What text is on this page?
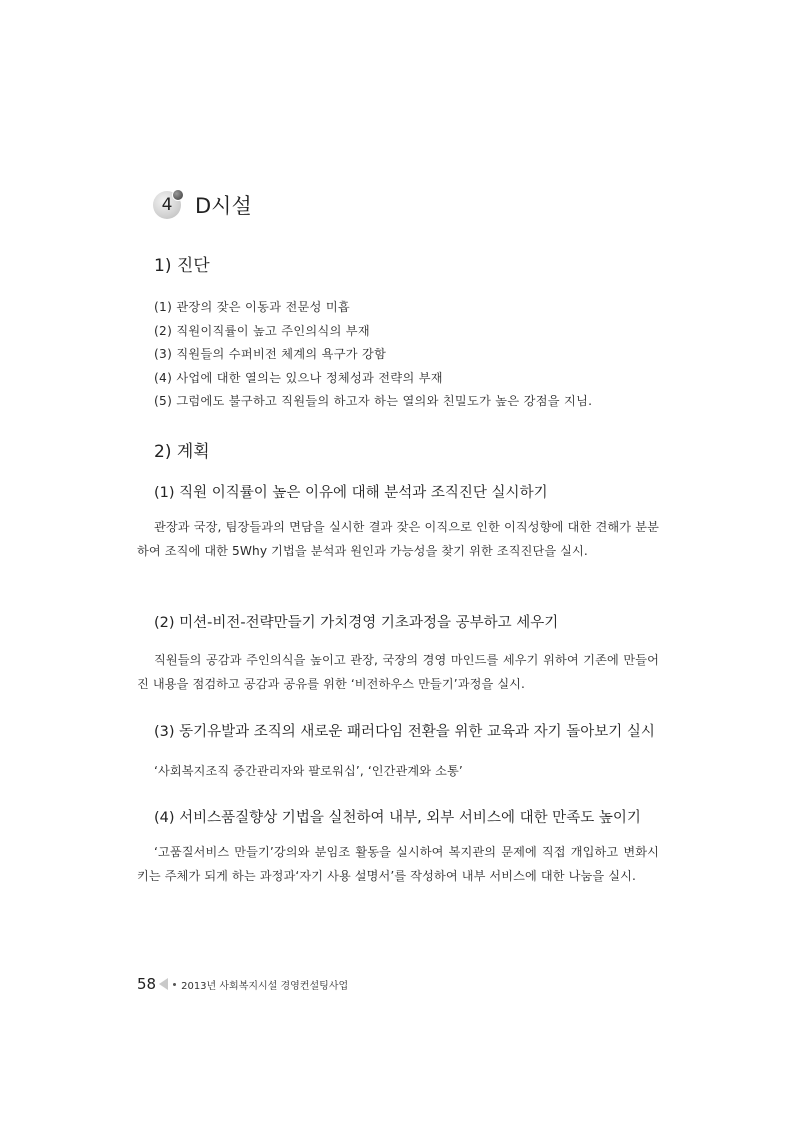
4 D시설
1) 진단
(1) 관장의 잦은 이동과 전문성 미흡
(2) 직원이직률이 높고 주인의식의 부재
(3) 직원들의 수퍼비전 체계의 욕구가 강함
(4) 사업에 대한 열의는 있으나 정체성과 전략의 부재
(5) 그럼에도 불구하고 직원들의 하고자 하는 열의와 친밀도가 높은 강점을 지님.
2) 계획
(1) 직원 이직률이 높은 이유에 대해 분석과 조직진단 실시하기

관장과 국장, 팀장들과의 면담을 실시한 결과 잦은 이직으로 인한 이직성향에 대한 견해가 분분하여 조직에 대한 5Why 기법을 분석과 원인과 가능성을 찾기 위한 조직진단을 실시.

(2) 미션-비전-전략만들기 가치경영 기초과정을 공부하고 세우기

직원들의 공감과 주인의식을 높이고 관장, 국장의 경영 마인드를 세우기 위하여 기존에 만들어진 내용을 점검하고 공감과 공유를 위한 ‘비전하우스 만들기’과정을 실시.

(3) 동기유발과 조직의 새로운 패러다임 전환을 위한 교육과 자기 돌아보기 실시

‘사회복지조직 중간관리자와 팔로워십’, ‘인간관계와 소통’

(4) 서비스품질향상 기법을 실천하여 내부, 외부 서비스에 대한 만족도 높이기

‘고품질서비스 만들기’강의와 분임조 활동을 실시하여 복지관의 문제에 직접 개입하고 변화시키는 주체가 되게 하는 과정과‘자기 사용 설명서’를 작성하여 내부 서비스에 대한 나눔을 실시.

58	2013년 사회복지시설 경영컨설팅사업
